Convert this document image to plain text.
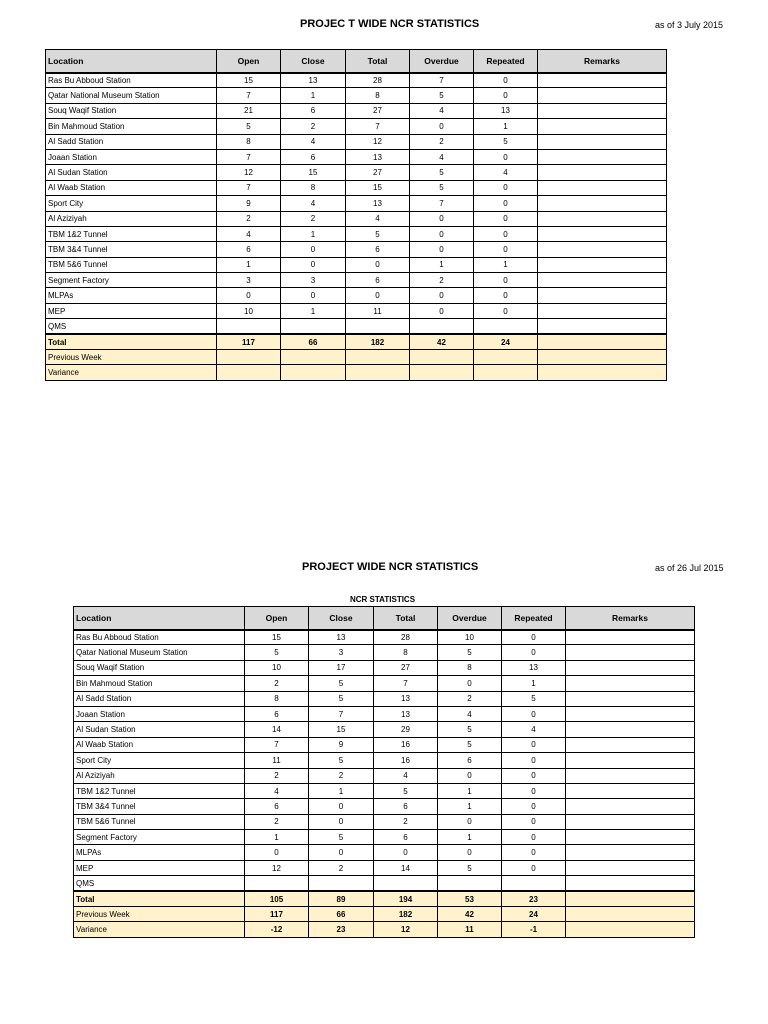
PROJEC T WIDE NCR STATISTICS	as of 3 July 2015
Location	Open	Close	Total	Overdue	Repeated	Remarks
Ras Bu Abboud Station	15	13	28	7	0	
Qatar National Museum Station	7	1	8	5	0	
Souq Waqif Station	21	6	27	4	13	
Bin Mahmoud Station	5	2	7	0	1	
Al Sadd Station	8	4	12	2	5	
Joaan Station	7	6	13	4	0	
Al Sudan Station	12	15	27	5	4	
Al Waab Station	7	8	15	5	0	
Sport City	9	4	13	7	0	
Al Aziziyah	2	2	4	0	0	
TBM 1&2 Tunnel	4	1	5	0	0	
TBM 3&4 Tunnel	6	0	6	0	0	
TBM 5&6 Tunnel	1	0	0	1	1	
Segment Factory	3	3	6	2	0	
MLPAs	0	0	0	0	0	
MEP	10	1	11	0	0	
QMS						
Total	117	66	182	42	24	
Previous Week						
Variance						
PROJECT WIDE NCR STATISTICS	as of 26 Jul 2015
NCR STATISTICS
Location	Open	Close	Total	Overdue	Repeated	Remarks
Ras Bu Abboud Station	15	13	28	10	0	
Qatar National Museum Station	5	3	8	5	0	
Souq Waqif Station	10	17	27	8	13	
Bin Mahmoud Station	2	5	7	0	1	
Al Sadd Station	8	5	13	2	5	
Joaan Station	6	7	13	4	0	
Al Sudan Station	14	15	29	5	4	
Al Waab Station	7	9	16	5	0	
Sport City	11	5	16	6	0	
Al Aziziyah	2	2	4	0	0	
TBM 1&2 Tunnel	4	1	5	1	0	
TBM 3&4 Tunnel	6	0	6	1	0	
TBM 5&6 Tunnel	2	0	2	0	0	
Segment Factory	1	5	6	1	0	
MLPAs	0	0	0	0	0	
MEP	12	2	14	5	0	
QMS						
Total	105	89	194	53	23	
Previous Week	117	66	182	42	24	
Variance	-12	23	12	11	-1	
